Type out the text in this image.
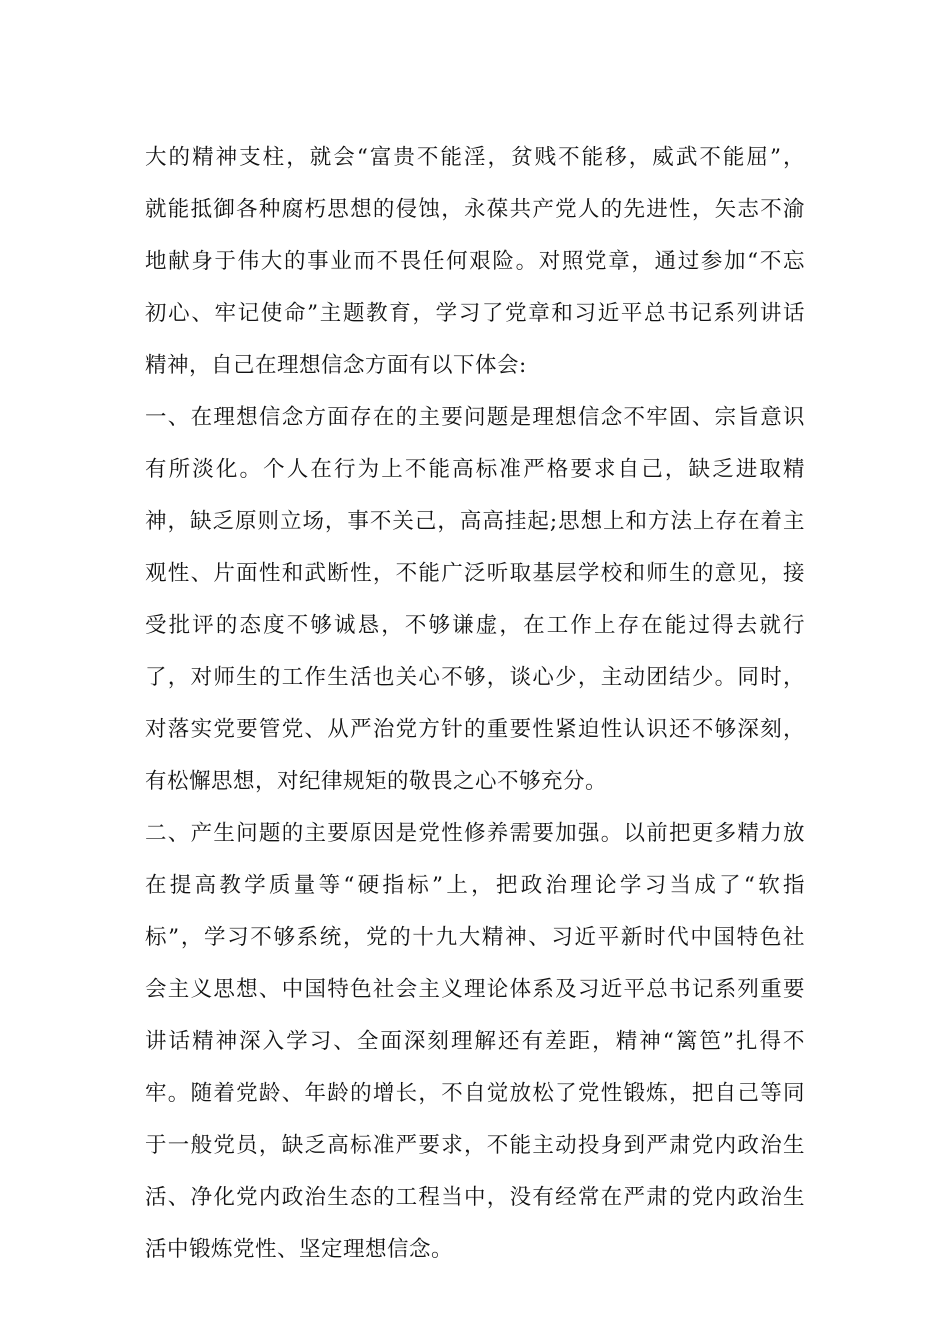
大的精神支柱，就会“富贵不能淫，贫贱不能移，威武不能屈”，
就能抵御各种腐朽思想的侵蚀，永葆共产党人的先进性，矢志不渝
地献身于伟大的事业而不畏任何艰险。对照党章，通过参加“不忘
初心、牢记使命”主题教育，学习了党章和习近平总书记系列讲话
精神，自己在理想信念方面有以下体会:
一、在理想信念方面存在的主要问题是理想信念不牢固、宗旨意识
有所淡化。个人在行为上不能高标准严格要求自己，缺乏进取精
神，缺乏原则立场，事不关己，高高挂起;思想上和方法上存在着主
观性、片面性和武断性，不能广泛听取基层学校和师生的意见，接
受批评的态度不够诚恳，不够谦虚，在工作上存在能过得去就行
了，对师生的工作生活也关心不够，谈心少，主动团结少。同时，
对落实党要管党、从严治党方针的重要性紧迫性认识还不够深刻，
有松懈思想，对纪律规矩的敬畏之心不够充分。
二、产生问题的主要原因是党性修养需要加强。以前把更多精力放
在提高教学质量等“硬指标”上，把政治理论学习当成了“软指
标”，学习不够系统，党的十九大精神、习近平新时代中国特色社
会主义思想、中国特色社会主义理论体系及习近平总书记系列重要
讲话精神深入学习、全面深刻理解还有差距，精神“篱笆”扎得不
牢。随着党龄、年龄的增长，不自觉放松了党性锻炼，把自己等同
于一般党员，缺乏高标准严要求，不能主动投身到严肃党内政治生
活、净化党内政治生态的工程当中，没有经常在严肃的党内政治生
活中锻炼党性、坚定理想信念。
